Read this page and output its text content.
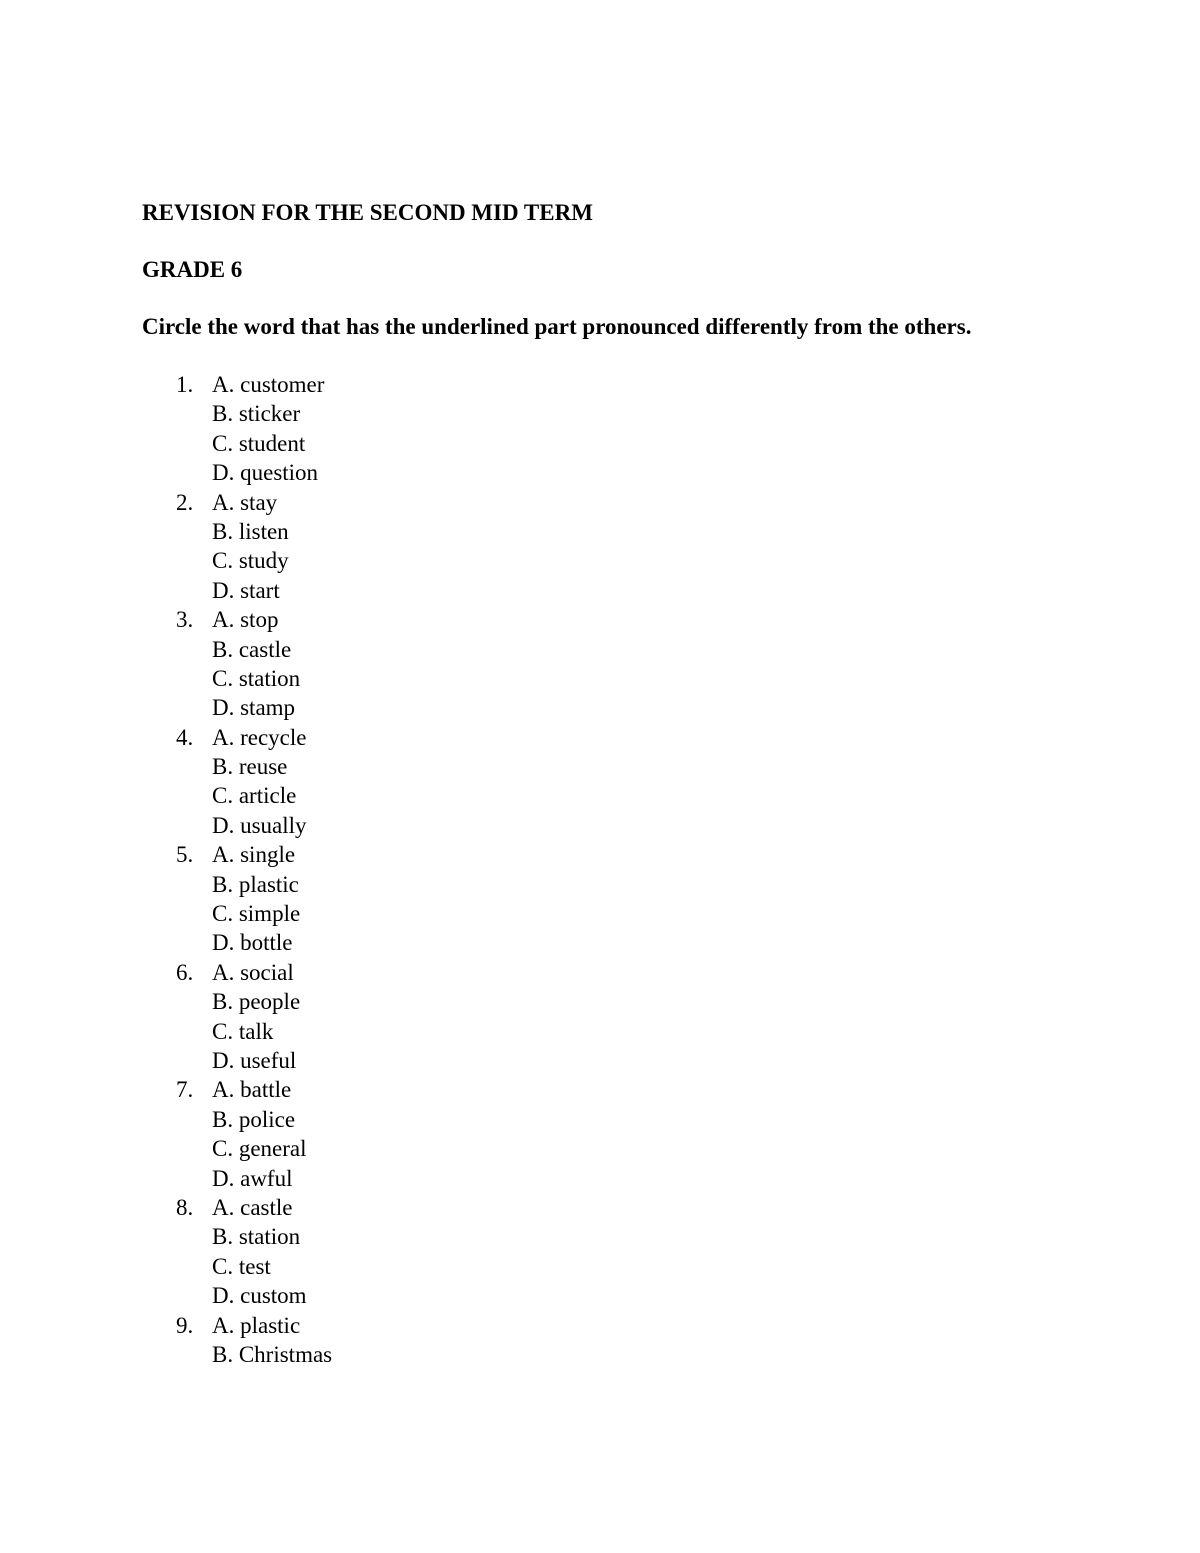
REVISION FOR THE SECOND MID TERM

GRADE 6

Circle the word that has the underlined part pronounced differently from the others.

1. A. customer
B. sticker
C. student
D. question
2. A. stay
B. listen
C. study
D. start
3. A. stop
B. castle
C. station
D. stamp
4. A. recycle
B. reuse
C. article
D. usually
5. A. single
B. plastic
C. simple
D. bottle
6. A. social
B. people
C. talk
D. useful
7. A. battle
B. police
C. general
D. awful
8. A. castle
B. station
C. test
D. custom
9. A. plastic
B. Christmas
